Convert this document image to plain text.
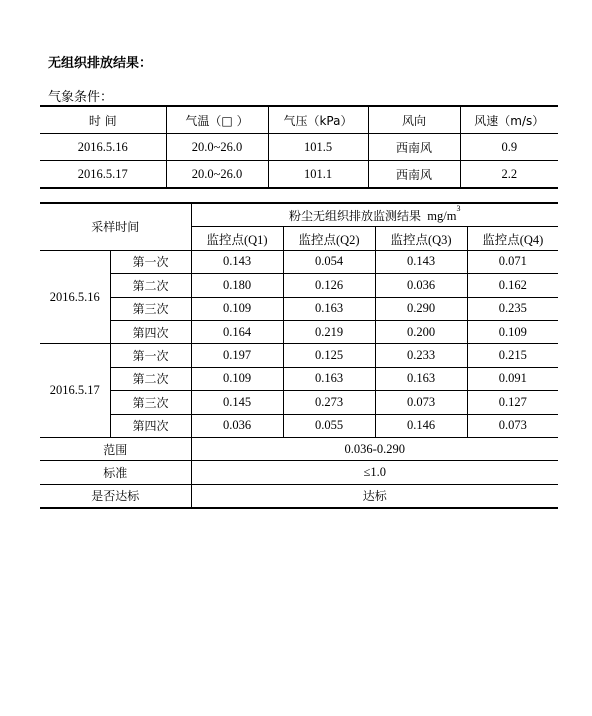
无组织排放结果：
气象条件：
时 间	气温（□ ）	气压（kPa）	风向	风速（m/s）
2016.5.16	20.0~26.0	101.5	西南风	0.9
2016.5.17	20.0~26.0	101.1	西南风	2.2
采样时间		粉尘无组织排放监测结果 $mg/m^3$
		监控点(Q1)	监控点(Q2)	监控点(Q3)	监控点(Q4)
2016.5.16	第一次	0.143	0.054	0.143	0.071
	第二次	0.180	0.126	0.036	0.162
	第三次	0.109	0.163	0.290	0.235
	第四次	0.164	0.219	0.200	0.109
2016.5.17	第一次	0.197	0.125	0.233	0.215
	第二次	0.109	0.163	0.163	0.091
	第三次	0.145	0.273	0.073	0.127
	第四次	0.036	0.055	0.146	0.073
范围		0.036-0.290			
标准		≤1.0			
是否达标		达标			
